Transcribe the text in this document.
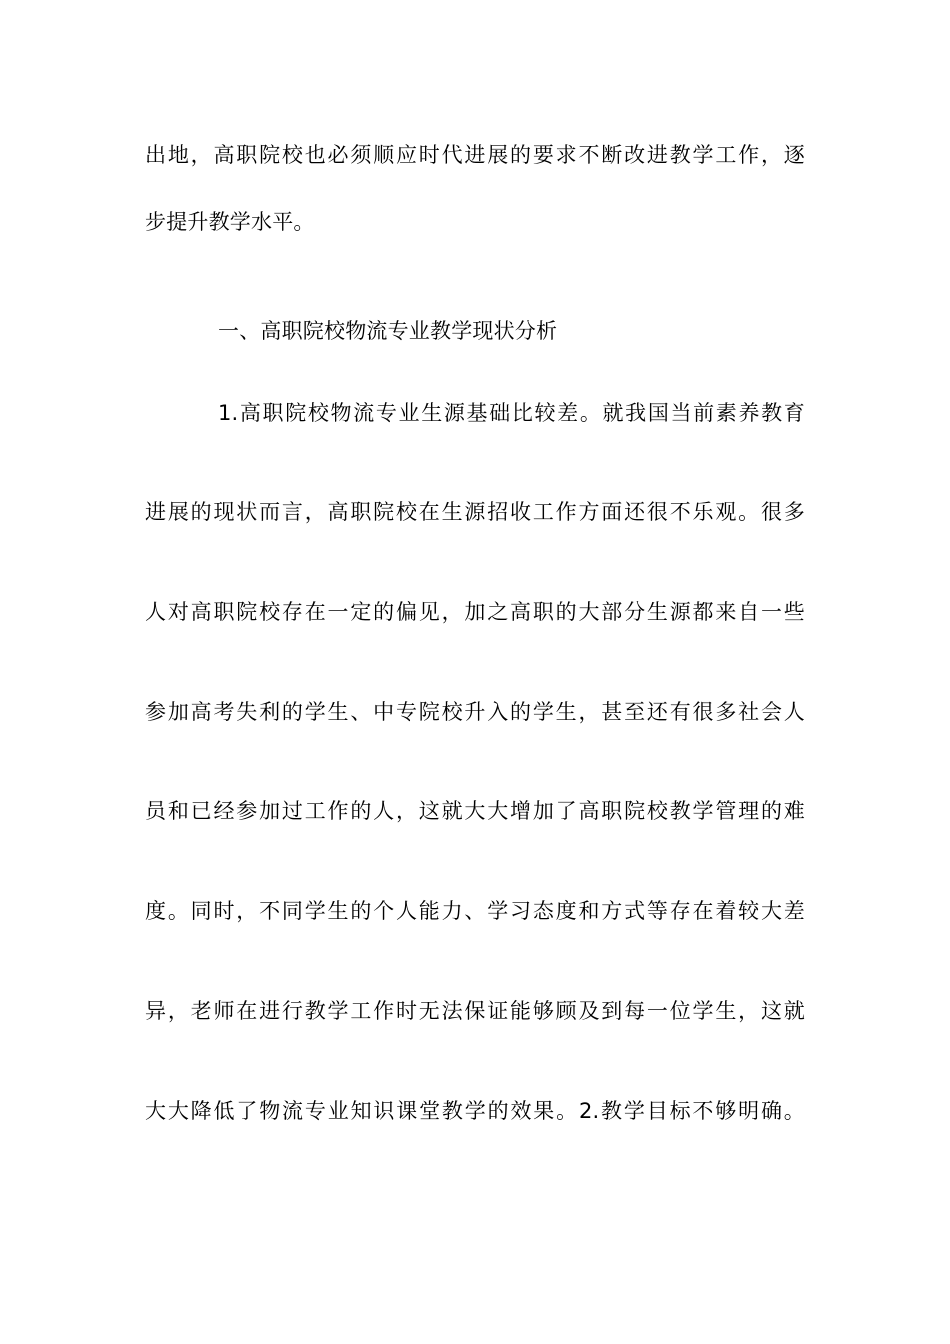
出地，高职院校也必须顺应时代进展的要求不断改进教学工作，逐
步提升教学水平。
一、高职院校物流专业教学现状分析
1.高职院校物流专业生源基础比较差。就我国当前素养教育
进展的现状而言，高职院校在生源招收工作方面还很不乐观。很多
人对高职院校存在一定的偏见，加之高职的大部分生源都来自一些
参加高考失利的学生、中专院校升入的学生，甚至还有很多社会人
员和已经参加过工作的人，这就大大增加了高职院校教学管理的难
度。同时，不同学生的个人能力、学习态度和方式等存在着较大差
异，老师在进行教学工作时无法保证能够顾及到每一位学生，这就
大大降低了物流专业知识课堂教学的效果。2.教学目标不够明确。
